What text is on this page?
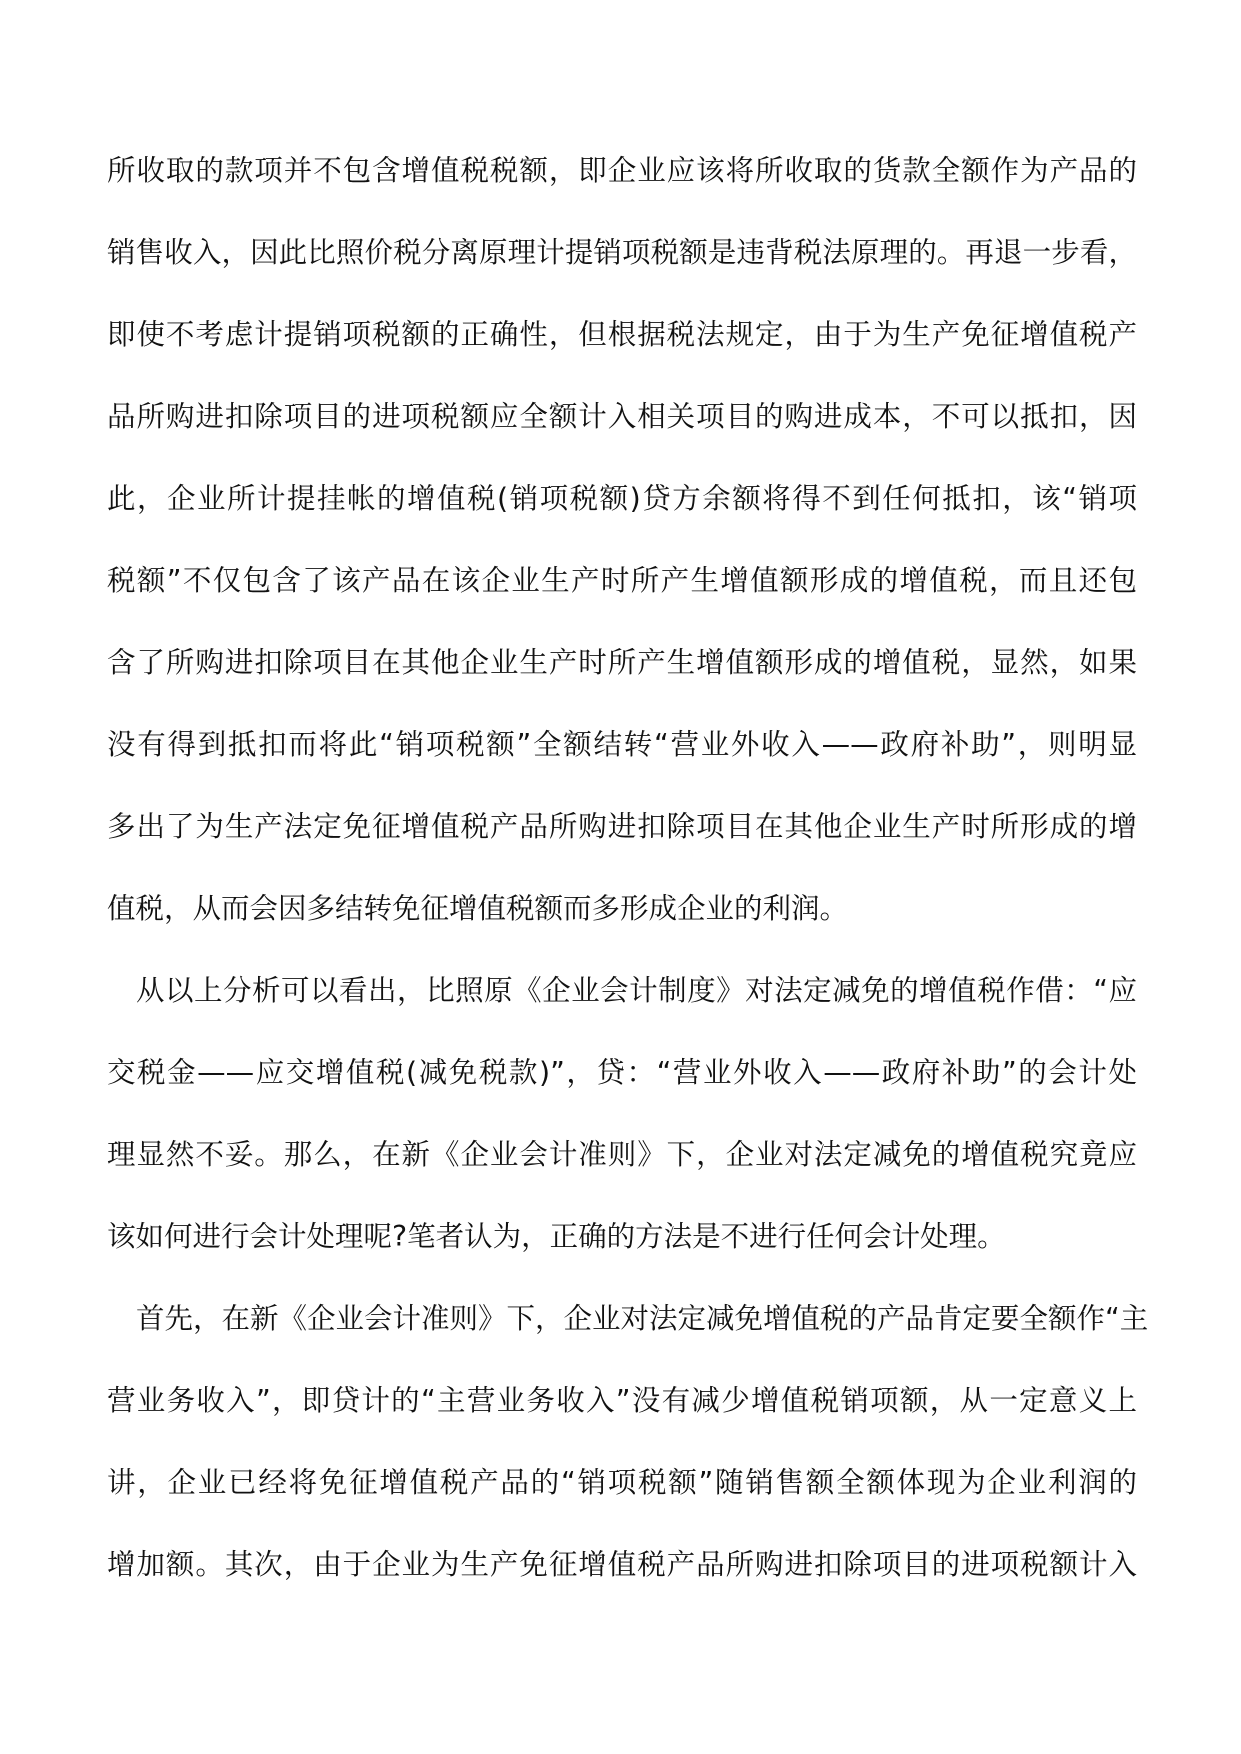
所收取的款项并不包含增值税税额，即企业应该将所收取的货款全额作为产品的
销售收入，因此比照价税分离原理计提销项税额是违背税法原理的。再退一步看，
即使不考虑计提销项税额的正确性，但根据税法规定，由于为生产免征增值税产
品所购进扣除项目的进项税额应全额计入相关项目的购进成本，不可以抵扣，因
此，企业所计提挂帐的增值税(销项税额)贷方余额将得不到任何抵扣，该“销项
税额”不仅包含了该产品在该企业生产时所产生增值额形成的增值税，而且还包
含了所购进扣除项目在其他企业生产时所产生增值额形成的增值税，显然，如果
没有得到抵扣而将此“销项税额”全额结转“营业外收入——政府补助”，则明显
多出了为生产法定免征增值税产品所购进扣除项目在其他企业生产时所形成的增
值税，从而会因多结转免征增值税额而多形成企业的利润。
从以上分析可以看出，比照原《企业会计制度》对法定减免的增值税作借：“应
交税金——应交增值税(减免税款)”，贷：“营业外收入——政府补助”的会计处
理显然不妥。那么，在新《企业会计准则》下，企业对法定减免的增值税究竟应
该如何进行会计处理呢?笔者认为，正确的方法是不进行任何会计处理。
首先，在新《企业会计准则》下，企业对法定减免增值税的产品肯定要全额作“主
营业务收入”，即贷计的“主营业务收入”没有减少增值税销项额，从一定意义上
讲，企业已经将免征增值税产品的“销项税额”随销售额全额体现为企业利润的
增加额。其次，由于企业为生产免征增值税产品所购进扣除项目的进项税额计入
